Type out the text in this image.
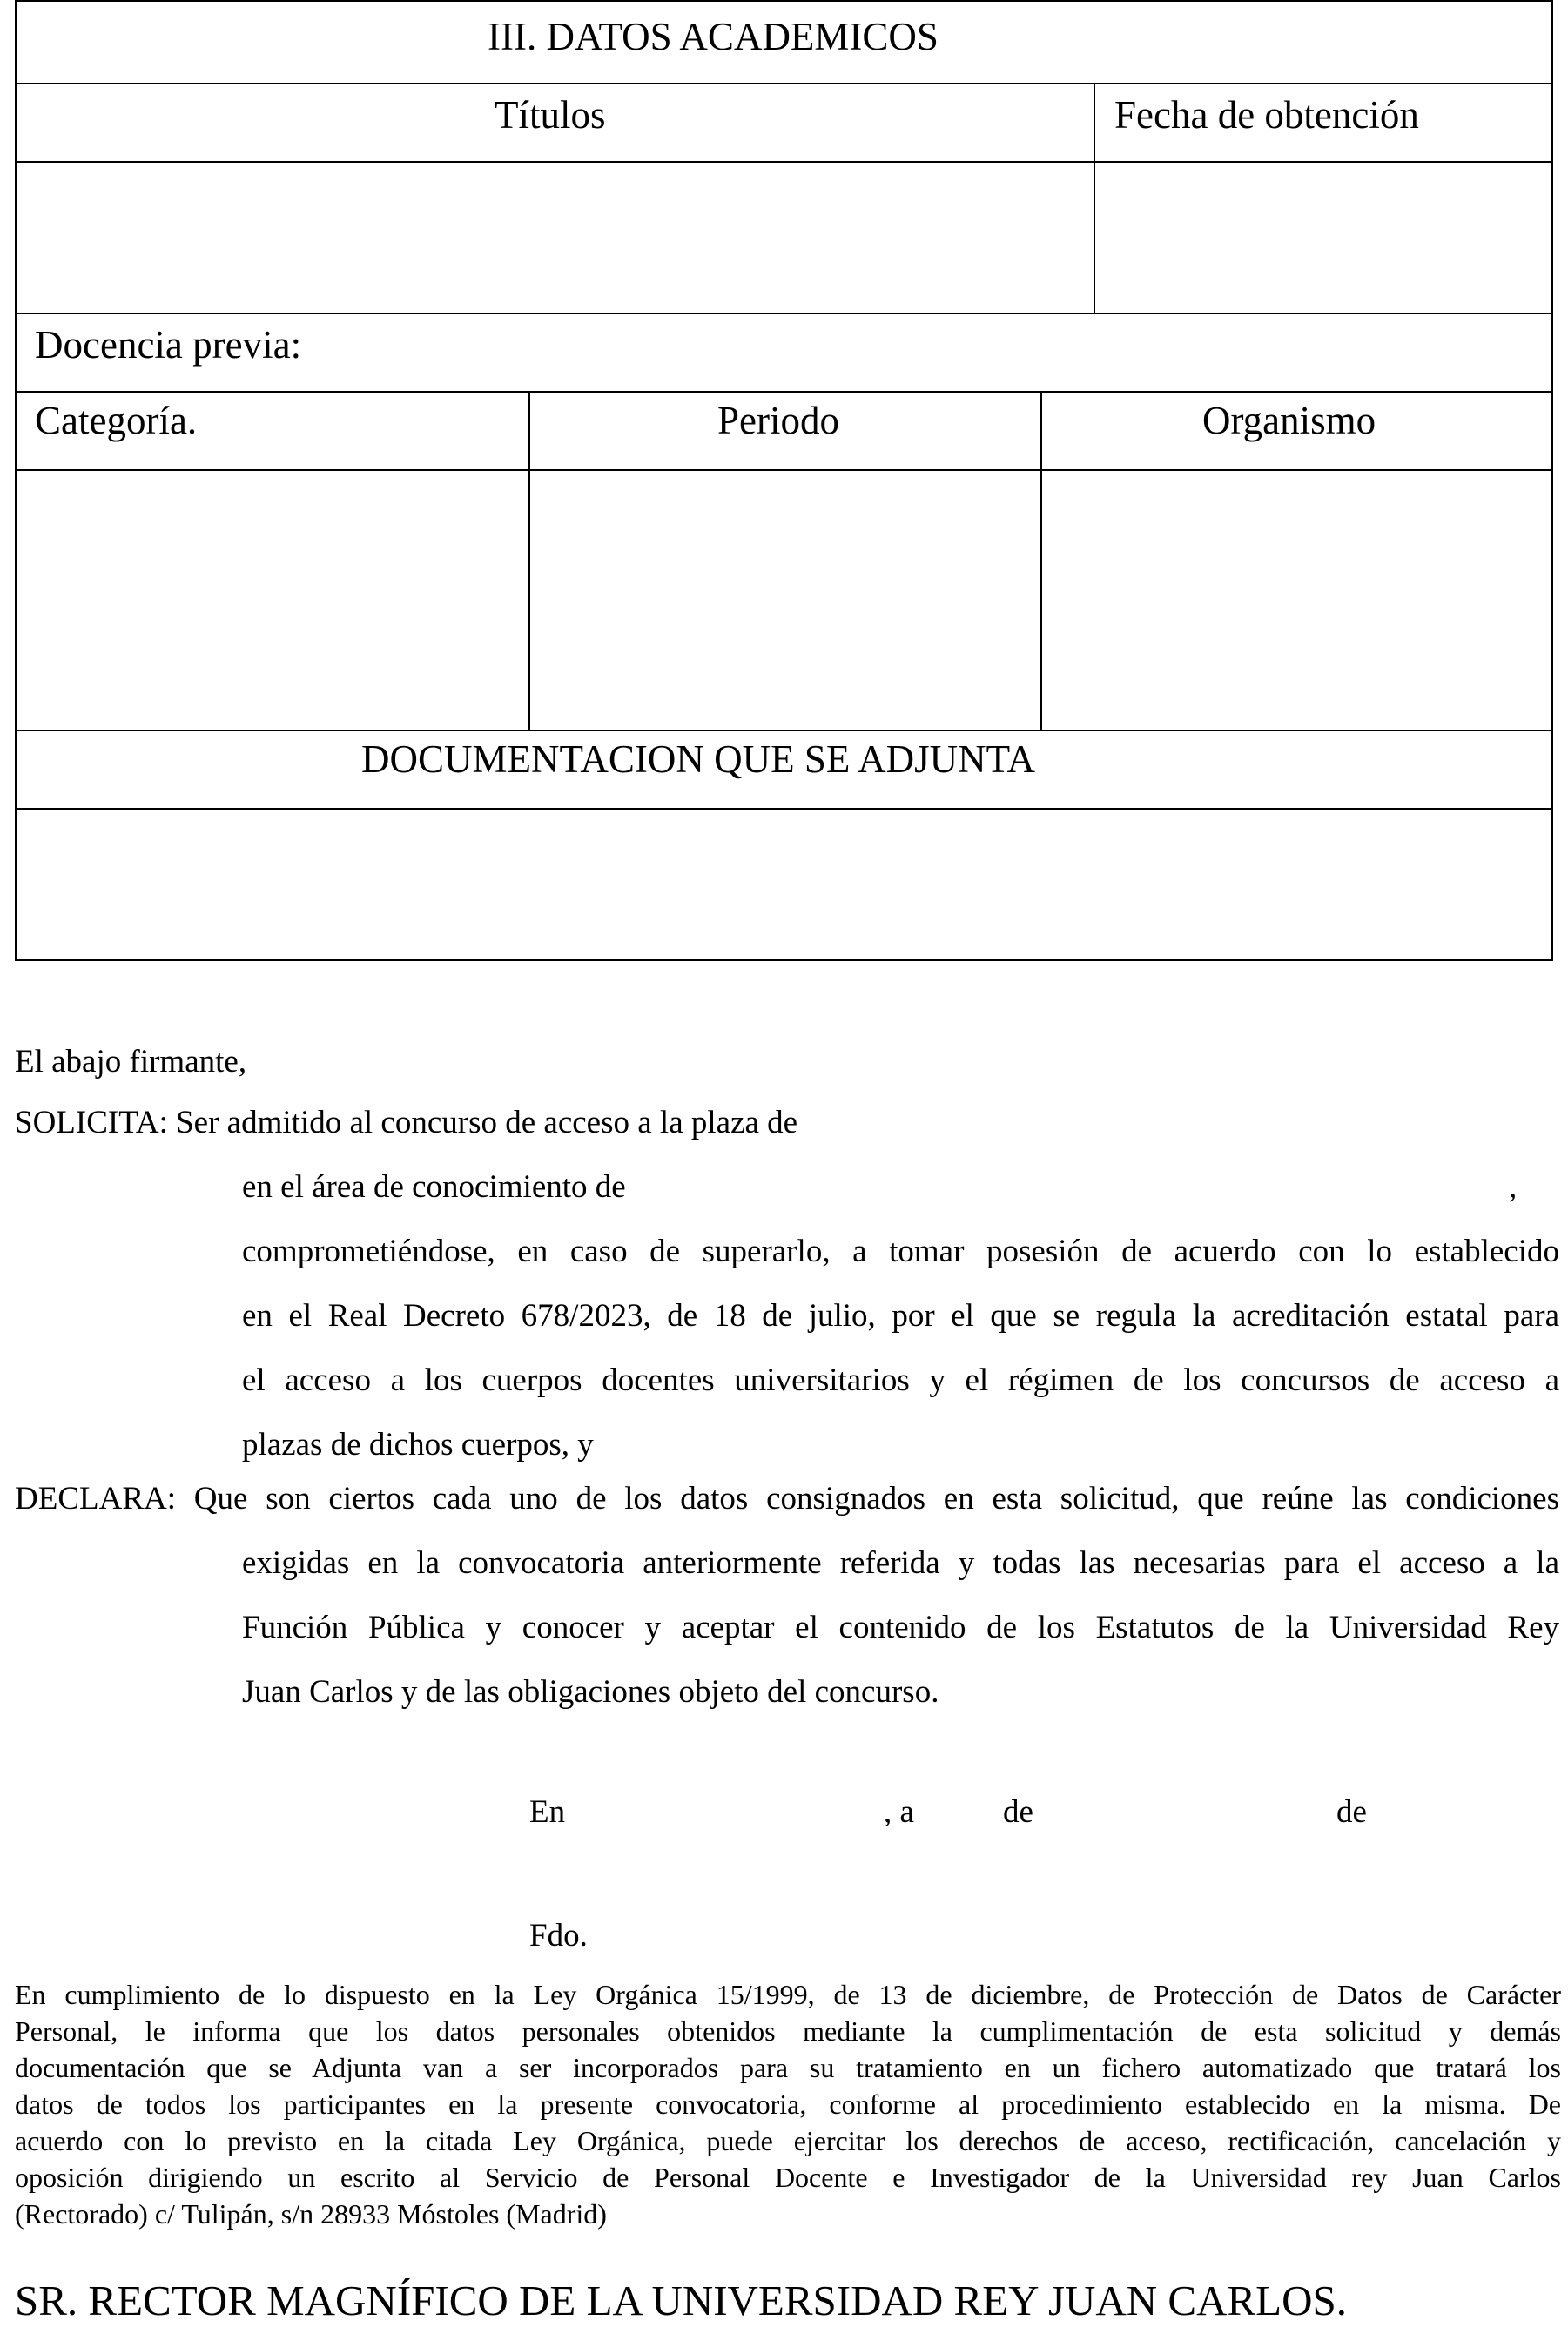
III. DATOS ACADEMICOS
Títulos	Fecha de obtención
Docencia previa:
Categoría.	Periodo	Organismo
DOCUMENTACION QUE SE ADJUNTA
El abajo firmante,
SOLICITA: Ser admitido al concurso de acceso a la plaza de
en el área de conocimiento de	,
comprometiéndose, en caso de superarlo, a tomar posesión de acuerdo con lo establecido
en el Real Decreto 678/2023, de 18 de julio, por el que se regula la acreditación estatal para
el acceso a los cuerpos docentes universitarios y el régimen de los concursos de acceso a
plazas de dichos cuerpos, y
DECLARA: Que son ciertos cada uno de los datos consignados en esta solicitud, que reúne las condiciones
exigidas en la convocatoria anteriormente referida y todas las necesarias para el acceso a la
Función Pública y conocer y aceptar el contenido de los Estatutos de la Universidad Rey
Juan Carlos y de las obligaciones objeto del concurso.
En	, a	de	de
Fdo.
En cumplimiento de lo dispuesto en la Ley Orgánica 15/1999, de 13 de diciembre, de Protección de Datos de Carácter
Personal, le informa que los datos personales obtenidos mediante la cumplimentación de esta solicitud y demás
documentación que se Adjunta van a ser incorporados para su tratamiento en un fichero automatizado que tratará los
datos de todos los participantes en la presente convocatoria, conforme al procedimiento establecido en la misma. De
acuerdo con lo previsto en la citada Ley Orgánica, puede ejercitar los derechos de acceso, rectificación, cancelación y
oposición dirigiendo un escrito al Servicio de Personal Docente e Investigador de la Universidad rey Juan Carlos
(Rectorado) c/ Tulipán, s/n 28933 Móstoles (Madrid)
SR. RECTOR MAGNÍFICO DE LA UNIVERSIDAD REY JUAN CARLOS.
